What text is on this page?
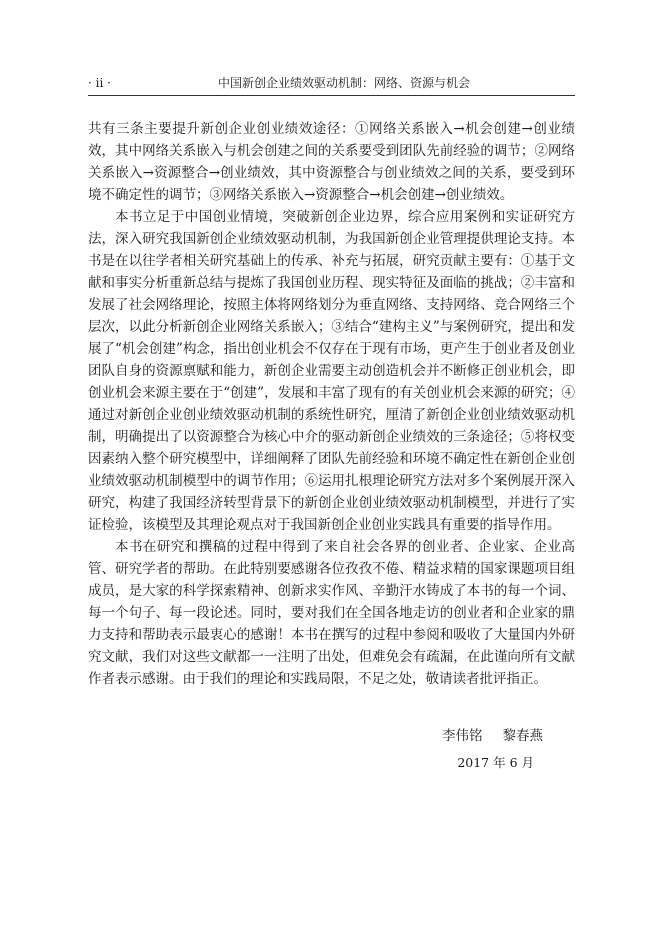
· ii ·	中国新创企业绩效驱动机制：网络、资源与机会

共有三条主要提升新创企业创业绩效途径：①网络关系嵌入→机会创建→创业绩效，其中网络关系嵌入与机会创建之间的关系要受到团队先前经验的调节；②网络关系嵌入→资源整合→创业绩效，其中资源整合与创业绩效之间的关系，要受到环境不确定性的调节；③网络关系嵌入→资源整合→机会创建→创业绩效。

本书立足于中国创业情境，突破新创企业边界，综合应用案例和实证研究方法，深入研究我国新创企业绩效驱动机制，为我国新创企业管理提供理论支持。本书是在以往学者相关研究基础上的传承、补充与拓展，研究贡献主要有：①基于文献和事实分析重新总结与提炼了我国创业历程、现实特征及面临的挑战；②丰富和发展了社会网络理论，按照主体将网络划分为垂直网络、支持网络、竞合网络三个层次，以此分析新创企业网络关系嵌入；③结合“建构主义”与案例研究，提出和发展了“机会创建”构念，指出创业机会不仅存在于现有市场，更产生于创业者及创业团队自身的资源禀赋和能力，新创企业需要主动创造机会并不断修正创业机会，即创业机会来源主要在于“创建”，发展和丰富了现有的有关创业机会来源的研究；④通过对新创企业创业绩效驱动机制的系统性研究，厘清了新创企业创业绩效驱动机制，明确提出了以资源整合为核心中介的驱动新创企业绩效的三条途径；⑤将权变因素纳入整个研究模型中，详细阐释了团队先前经验和环境不确定性在新创企业创业绩效驱动机制模型中的调节作用；⑥运用扎根理论研究方法对多个案例展开深入研究，构建了我国经济转型背景下的新创企业创业绩效驱动机制模型，并进行了实证检验，该模型及其理论观点对于我国新创企业创业实践具有重要的指导作用。

本书在研究和撰稿的过程中得到了来自社会各界的创业者、企业家、企业高管、研究学者的帮助。在此特别要感谢各位孜孜不倦、精益求精的国家课题项目组成员，是大家的科学探索精神、创新求实作风、辛勤汗水铸成了本书的每一个词、每一个句子、每一段论述。同时，要对我们在全国各地走访的创业者和企业家的鼎力支持和帮助表示最衷心的感谢！本书在撰写的过程中参阅和吸收了大量国内外研究文献，我们对这些文献都一一注明了出处，但难免会有疏漏，在此谨向所有文献作者表示感谢。由于我们的理论和实践局限，不足之处，敬请读者批评指正。

李伟铭 黎春燕
2017 年 6 月
